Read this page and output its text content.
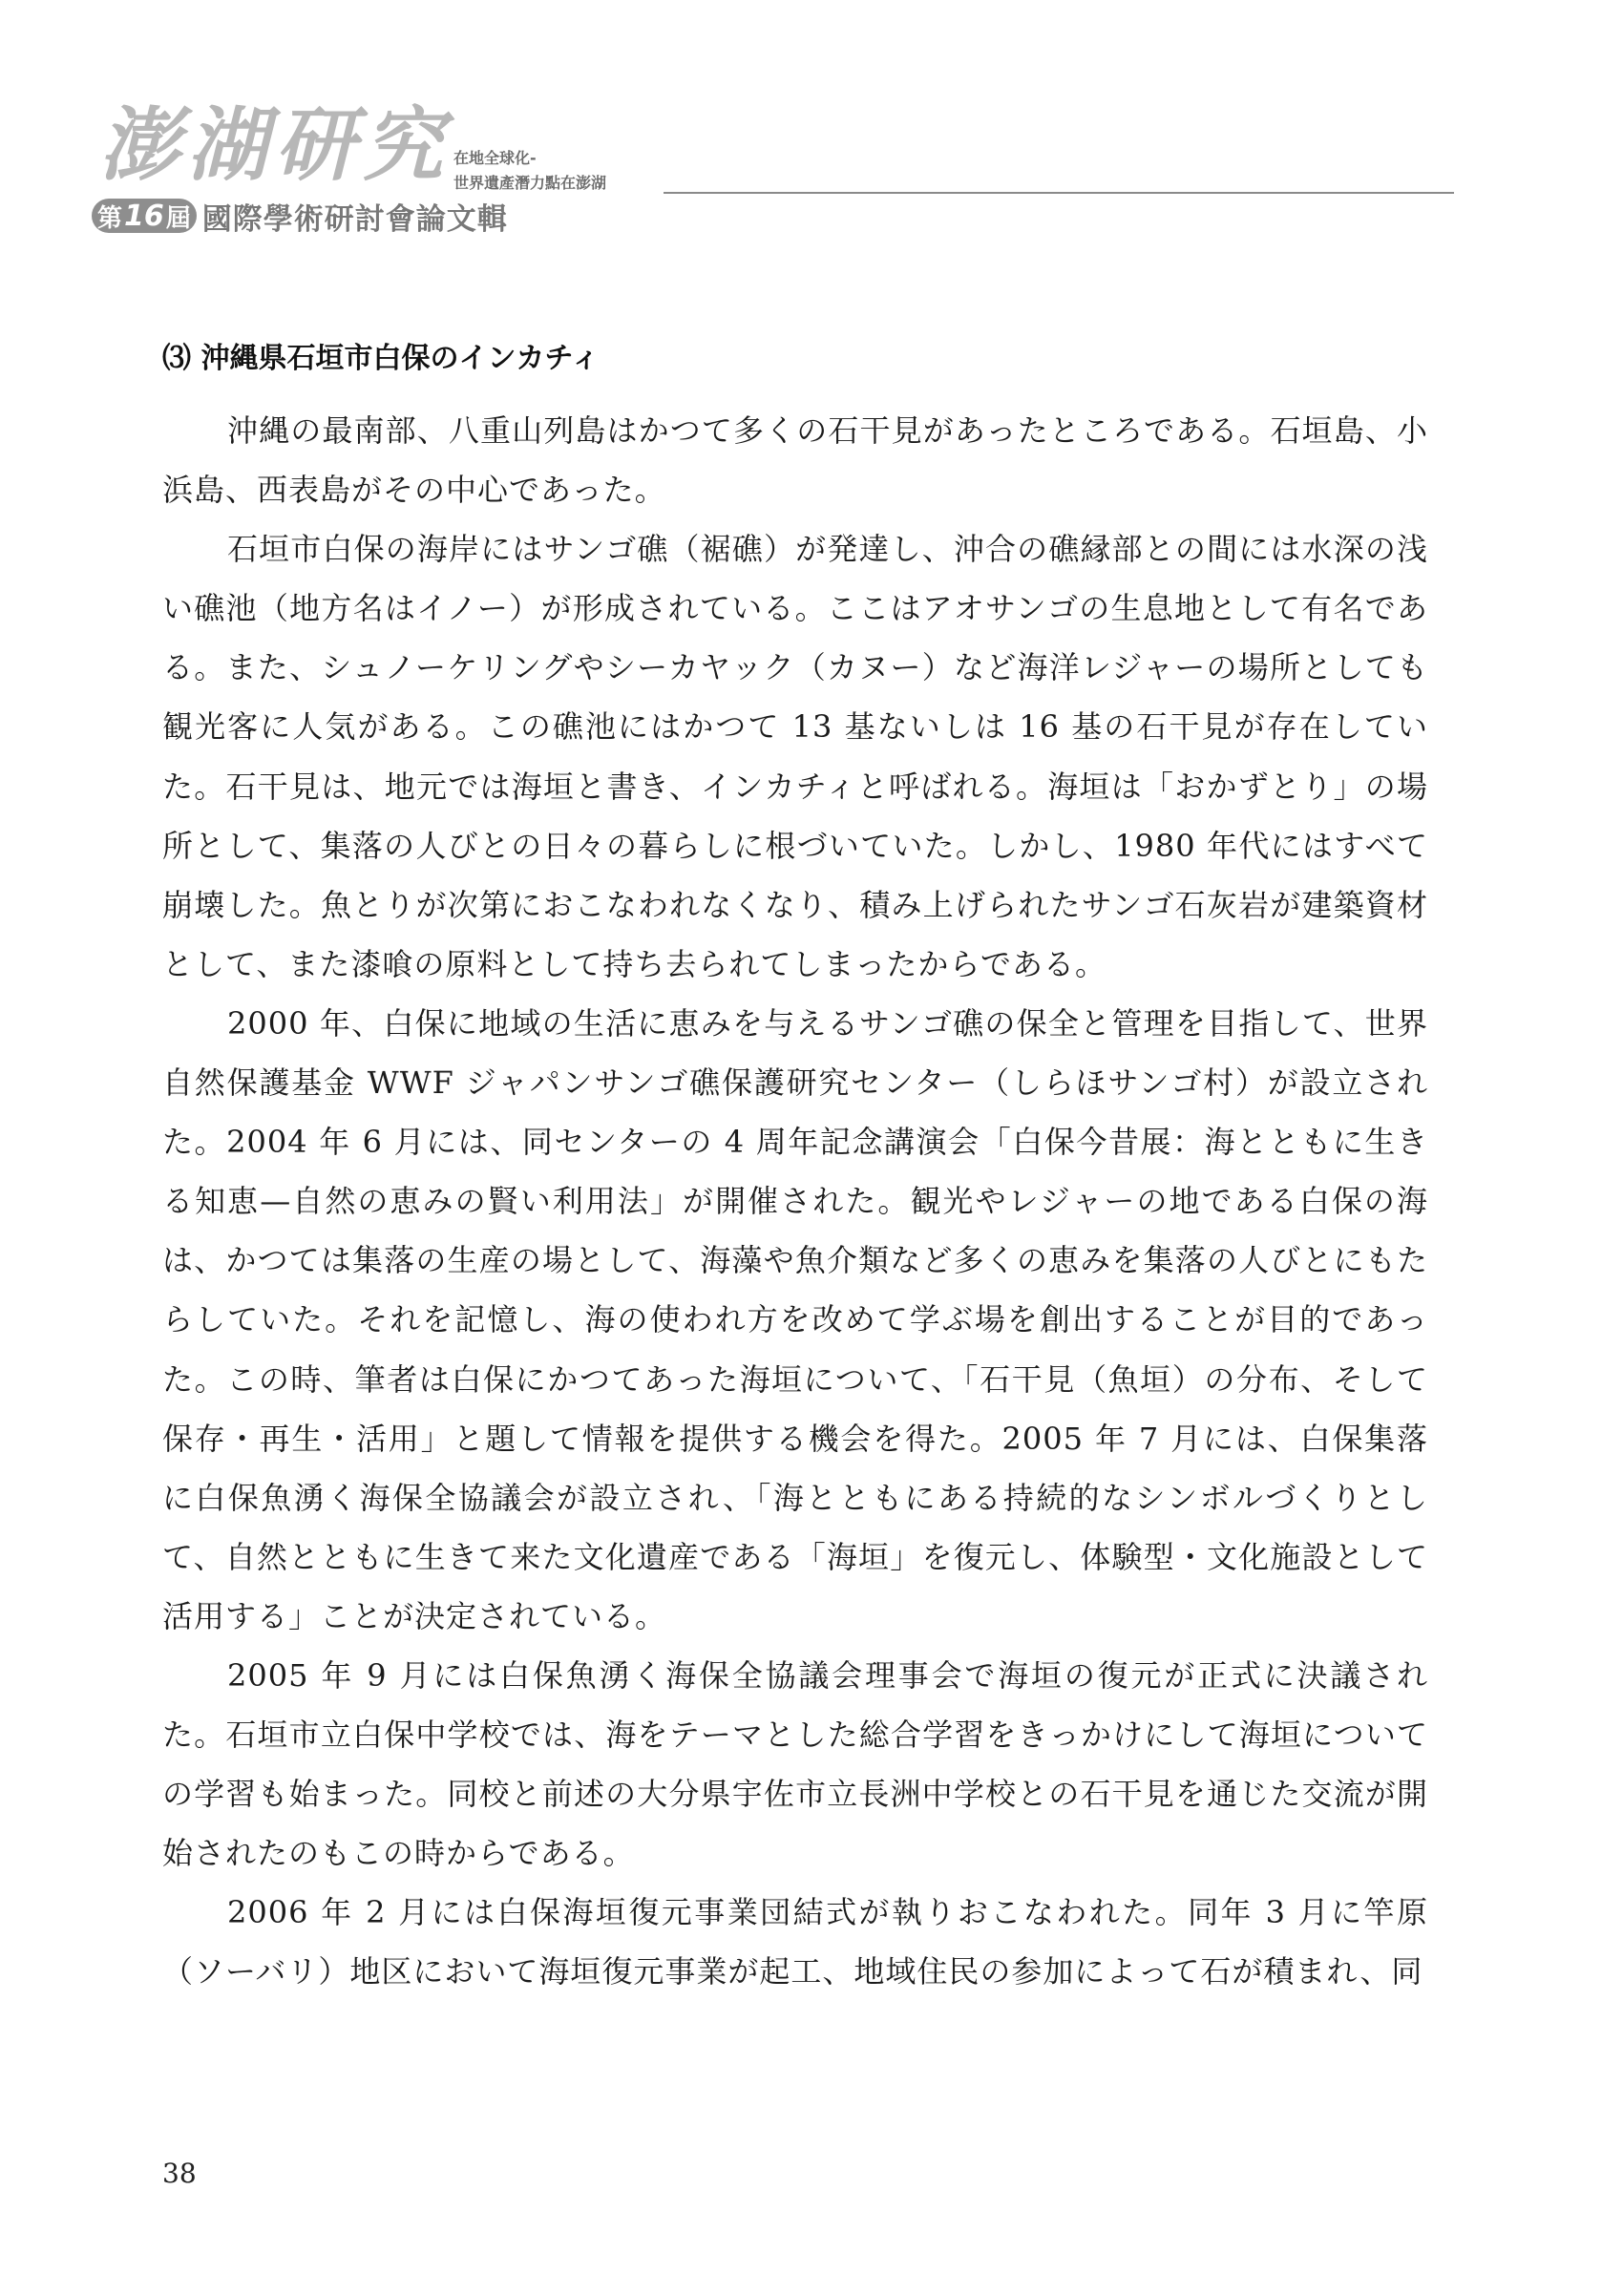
澎湖研究
第 16 屆 國際學術研討會論文輯
在地全球化-
世界遺產潛力點在澎湖
⑶ 沖縄県石垣市白保のインカチィ

沖縄の最南部、八重山列島はかつて多くの石干見があったところである。石垣島、小浜島、西表島がその中心であった。

石垣市白保の海岸にはサンゴ礁（裾礁）が発達し、沖合の礁縁部との間には水深の浅い礁池（地方名はイノー）が形成されている。ここはアオサンゴの生息地として有名である。また、シュノーケリングやシーカヤック（カヌー）など海洋レジャーの場所としても観光客に人気がある。この礁池にはかつて 13 基ないしは 16 基の石干見が存在していた。石干見は、地元では海垣と書き、インカチィと呼ばれる。海垣は「おかずとり」の場所として、集落の人びとの日々の暮らしに根づいていた。しかし、1980 年代にはすべて崩壊した。魚とりが次第におこなわれなくなり、積み上げられたサンゴ石灰岩が建築資材として、また漆喰の原料として持ち去られてしまったからである。

2000 年、白保に地域の生活に恵みを与えるサンゴ礁の保全と管理を目指して、世界自然保護基金 WWF ジャパンサンゴ礁保護研究センター（しらほサンゴ村）が設立された。2004 年 6 月には、同センターの 4 周年記念講演会「白保今昔展：海とともに生きる知恵—自然の恵みの賢い利用法」が開催された。観光やレジャーの地である白保の海は、かつては集落の生産の場として、海藻や魚介類など多くの恵みを集落の人びとにもたらしていた。それを記憶し、海の使われ方を改めて学ぶ場を創出することが目的であった。この時、筆者は白保にかつてあった海垣について、「石干見（魚垣）の分布、そして保存・再生・活用」と題して情報を提供する機会を得た。2005 年 7 月には、白保集落に白保魚湧く海保全協議会が設立され、「海とともにある持続的なシンボルづくりとして、自然とともに生きて来た文化遺産である「海垣」を復元し、体験型・文化施設として活用する」ことが決定されている。

2005 年 9 月には白保魚湧く海保全協議会理事会で海垣の復元が正式に決議された。石垣市立白保中学校では、海をテーマとした総合学習をきっかけにして海垣についての学習も始まった。同校と前述の大分県宇佐市立長洲中学校との石干見を通じた交流が開始されたのもこの時からである。

2006 年 2 月には白保海垣復元事業団結式が執りおこなわれた。同年 3 月に竿原（ソーバリ）地区において海垣復元事業が起工、地域住民の参加によって石が積まれ、同

38
